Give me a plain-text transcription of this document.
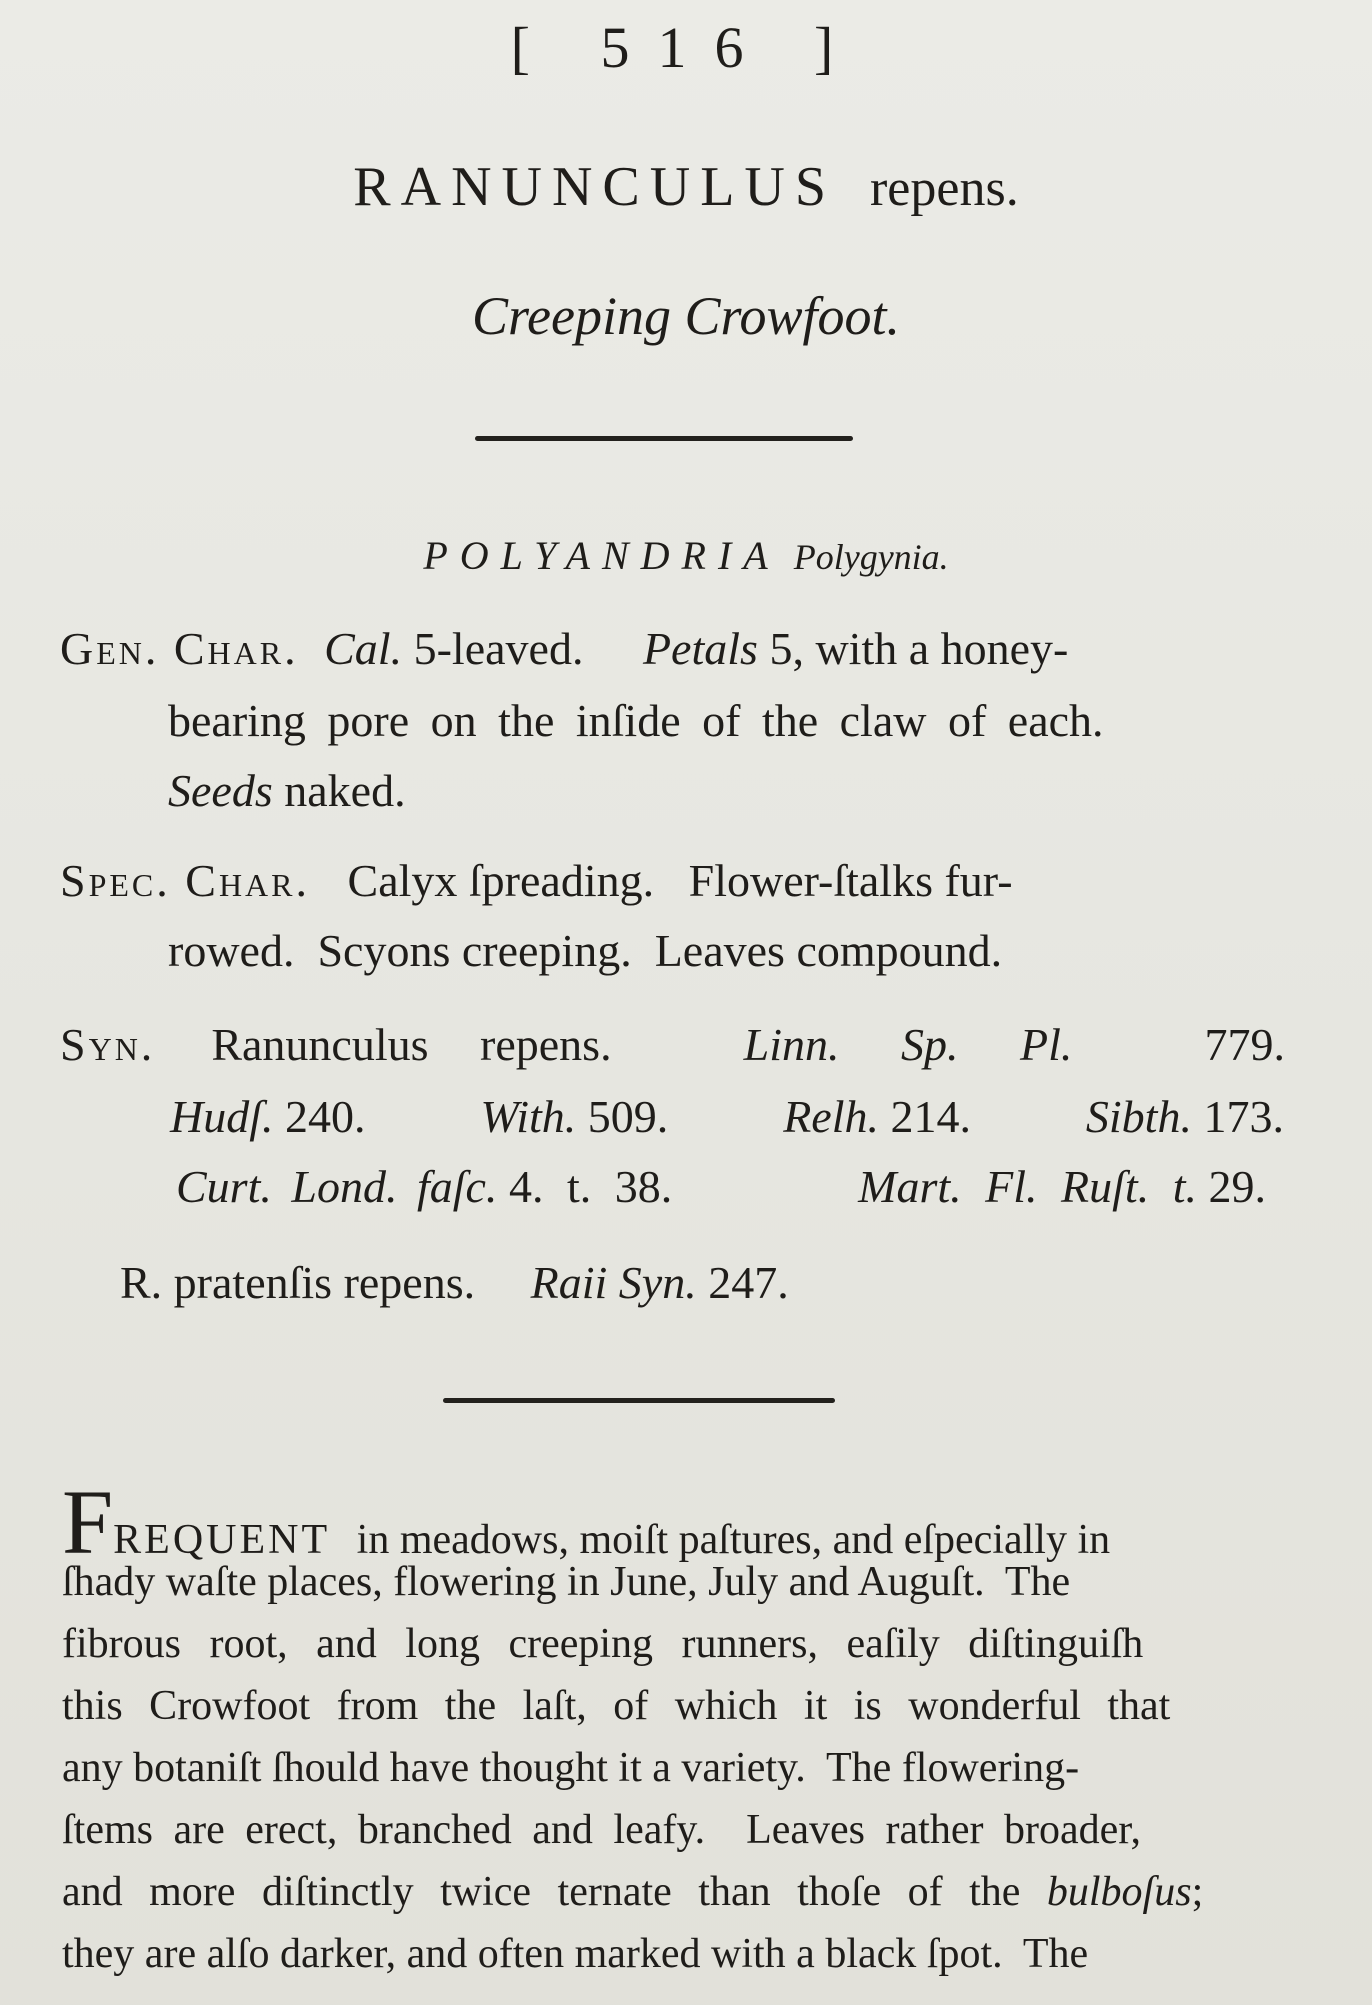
[ 516 ]
RANUNCULUS repens.
Creeping Crowfoot.
POLYANDRIA Polygynia.
Gen. Char. Cal. 5-leaved. Petals 5, with a honey-
bearing pore on the inſide of the claw of each.
Seeds naked.
Spec. Char. Calyx ſpreading.   Flower-ſtalks fur-
rowed.  Scyons creeping.  Leaves compound.
Syn. Ranunculus repens.	Linn. Sp. Pl.	779.
Hudſ. 240. With. 509. Relh. 214. Sibth. 173.
Curt. Lond. faſc. 4. t. 38.	Mart. Fl. Ruſt. t. 29.
R. pratenſis repens. Raii Syn. 247.
FREQUENT in meadows, moiſt paſtures, and eſpecially in
ſhady waſte places, flowering in June, July and Auguſt.  The
fibrous root, and long creeping runners, eaſily diſtinguiſh
this Crowfoot from the laſt, of which it is wonderful that
any botaniſt ſhould have thought it a variety.  The flowering-
ſtems are erect, branched and leafy.  Leaves rather broader,
and more diſtinctly twice ternate than thoſe of the bulboſus;
they are alſo darker, and often marked with a black ſpot.  The
